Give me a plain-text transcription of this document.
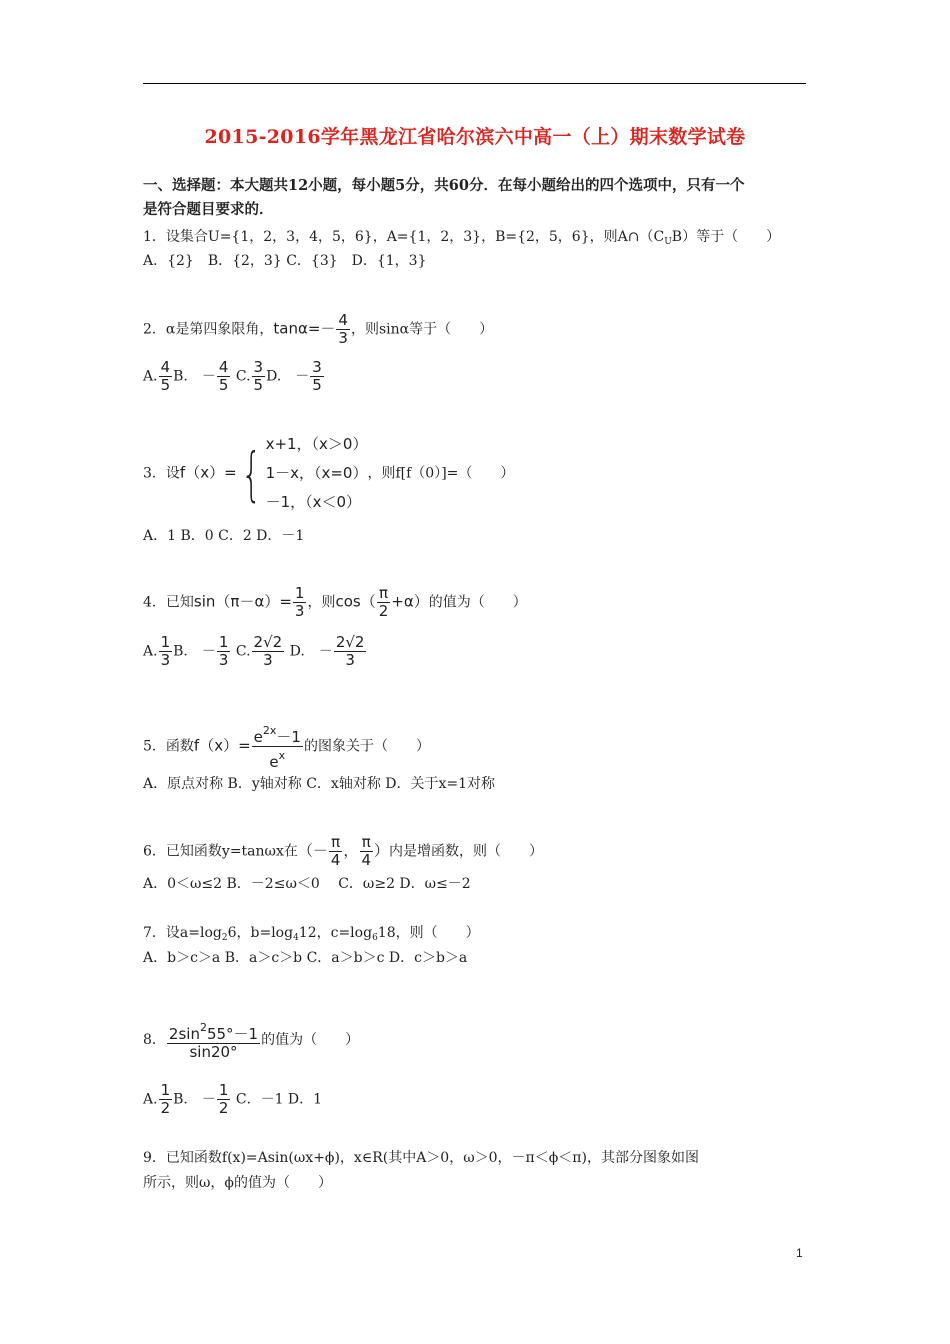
2015-2016学年黑龙江省哈尔滨六中高一（上）期末数学试卷
一、选择题：本大题共12小题，每小题5分，共60分．在每小题给出的四个选项中，只有一个
是符合题目要求的．
1．设集合U={1，2，3，4，5，6}，A={1，2，3}，B={2，5，6}，则$A\cap(C_UB)$等于（　　）
A．{2}　B．{2，3} C．{3}　D．{1，3}
2．α是第四象限角，$\tan\alpha=- \frac{4}{3}$ ，则sinα等于（　　）
A. $\frac{4}{5} B$.　－ $\frac{4}{5} C$. $\frac{3}{5} D$.　－ $\frac{3}{5}$
3．设f（x）={ x+1，（x＞0）
1－x，（x=0）
－1，（x＜0）
，则f[f（0）]=（　　）
A．1 B．0 C．2 D．－1
4．已知$\sin(\pi-\alpha)= \frac{1}{3}$ ，则$\cos( \frac{\pi}{2} +\alpha)$的值为（　　）
A. $\frac{1}{3} B$.　－ $\frac{1}{3} C$. $\frac{2√2}{3} D$.　－ $\frac{2√2}{3}$
5．函数$f(x)= \frac{e^{2x}-1}{e^x}$ 的图象关于（　　）
A．原点对称 B．y轴对称 C．x轴对称 D．关于x=1对称
6．已知函数y=tanωx在（－ $\frac{\pi}{4}$ ， $\frac{\pi}{4}$ ）内是增函数，则（　　）
A．0＜ω≤2 B．－2≤ω＜0　 C．ω≥2 D．ω≤－2
7．设$a=\log_26$，$b=\log_412$，$c=\log_618$，则（　　）
A．b＞c＞a B．a＞c＞b C．a＞b＞c D．c＞b＞a
8． $\frac{2\sin^255^\circ-1}{\sin 20^\circ}$ 的值为（　　）
A. $\frac{1}{2} B$.　－ $\frac{1}{2}$ C．－1 D．1
9．已知函数f(x)=Asin(ωx+ϕ)，x∈R(其中A＞0，ω＞0，－π＜ϕ＜π)，其部分图象如图
所示，则ω，ϕ的值为（　　）
1
